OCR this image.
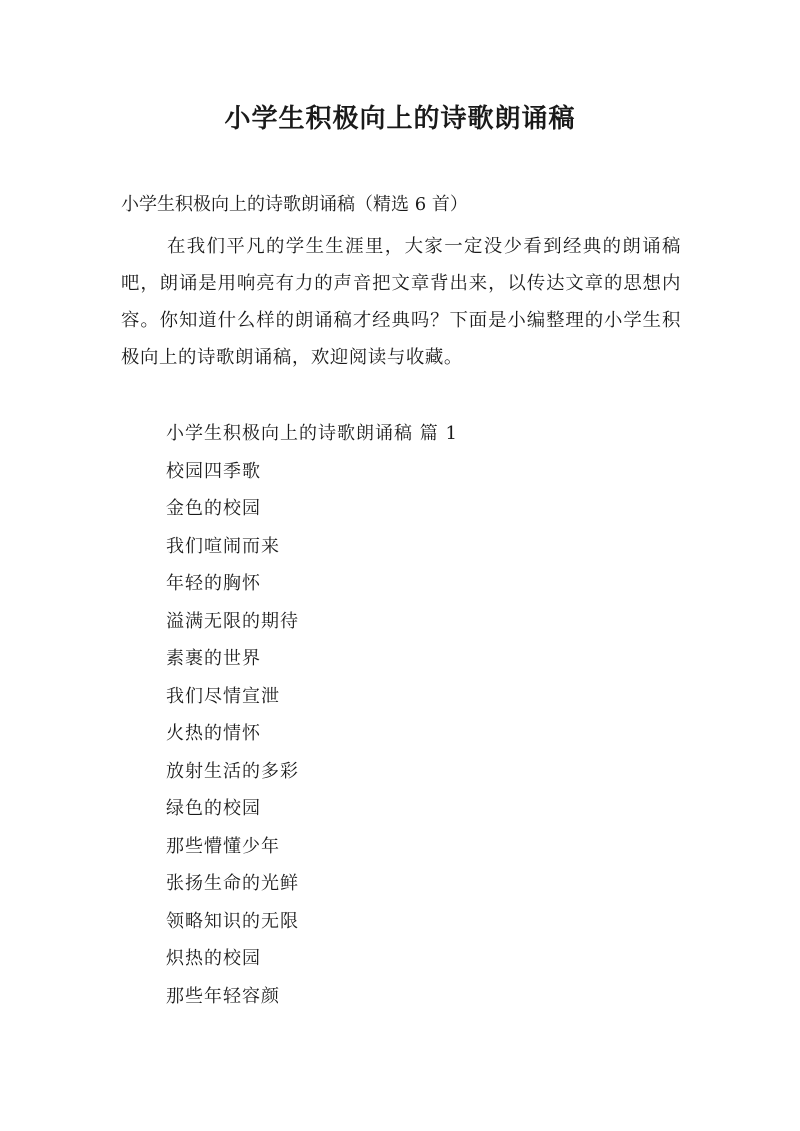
小学生积极向上的诗歌朗诵稿

小学生积极向上的诗歌朗诵稿（精选 6 首）

在我们平凡的学生生涯里，大家一定没少看到经典的朗诵稿吧，朗诵是用响亮有力的声音把文章背出来，以传达文章的思想内容。你知道什么样的朗诵稿才经典吗？下面是小编整理的小学生积极向上的诗歌朗诵稿，欢迎阅读与收藏。

小学生积极向上的诗歌朗诵稿 篇 1
校园四季歌
金色的校园
我们喧闹而来
年轻的胸怀
溢满无限的期待
素裹的世界
我们尽情宣泄
火热的情怀
放射生活的多彩
绿色的校园
那些懵懂少年
张扬生命的光鲜
领略知识的无限
炽热的校园
那些年轻容颜
